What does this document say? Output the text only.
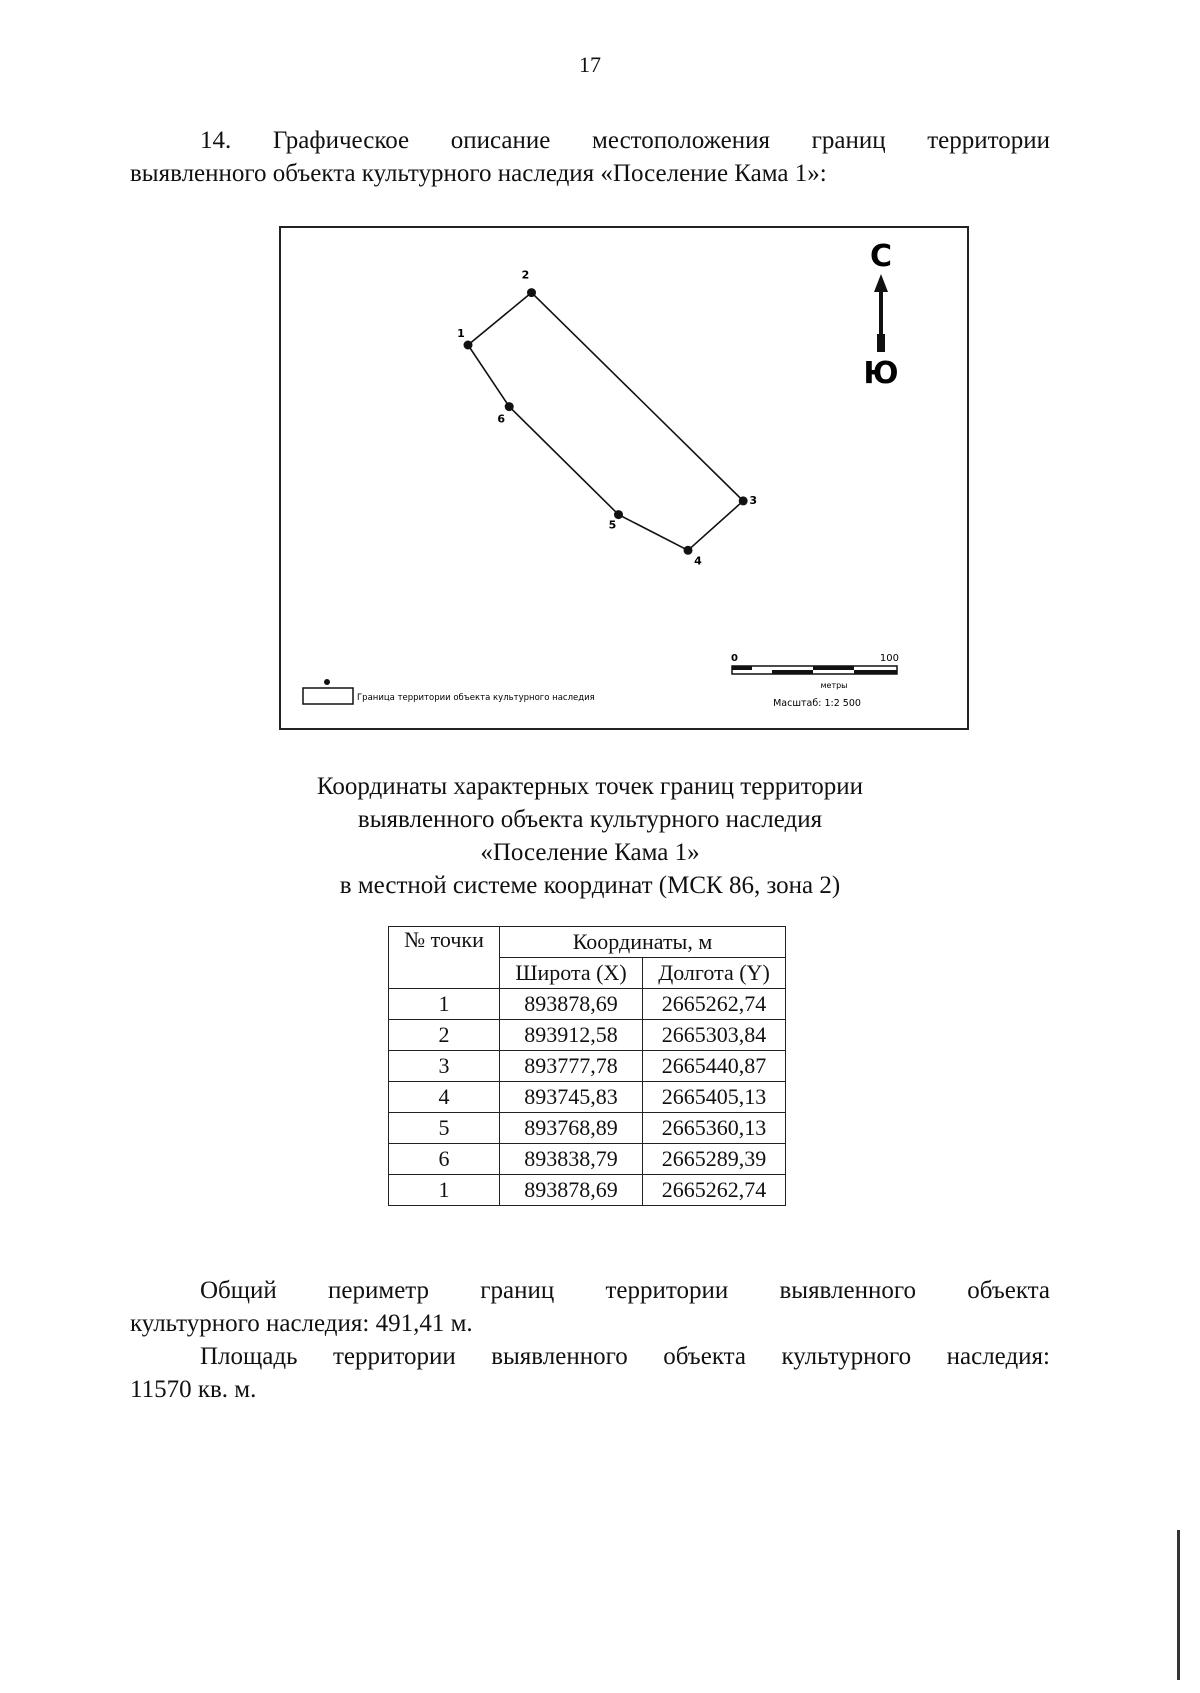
17
14. Графическое описание местоположения границ территории
выявленного объекта культурного наследия «Поселение Кама 1»:
1
2
3
4
5
6
С
Ю
Граница территории объекта культурного наследия
0	100
метры
Масштаб: 1:2 500
Координаты характерных точек границ территории
выявленного объекта культурного наследия
«Поселение Кама 1»
в местной системе координат (МСК 86, зона 2)
№ точки	Координаты, м	
	Широта (X)	Долгота (Y)
1	893878,69	2665262,74
2	893912,58	2665303,84
3	893777,78	2665440,87
4	893745,83	2665405,13
5	893768,89	2665360,13
6	893838,79	2665289,39
1	893878,69	2665262,74
Общий периметр границ территории выявленного объекта
культурного наследия: 491,41 м.
Площадь территории выявленного объекта культурного наследия:
11570 кв. м.
